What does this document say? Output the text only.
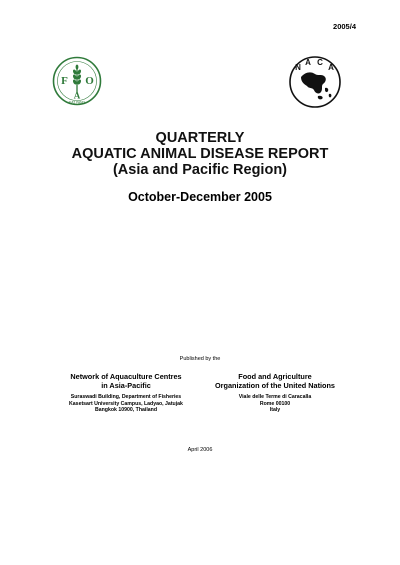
2005/4
F
A
O
FIAT PANIS
N
A C
A
QUARTERLY
AQUATIC ANIMAL DISEASE REPORT
(Asia and Pacific Region)
October-December 2005
Published by the
Network of Aquaculture Centres
in Asia-Pacific
Suraswadi Building, Department of Fisheries
Kasetsart University Campus, Ladyao, Jatujak
Bangkok 10900, Thailand
Food and Agriculture
Organization of the United Nations
Viale delle Terme di Caracalla
Rome 00100
Italy
April 2006
